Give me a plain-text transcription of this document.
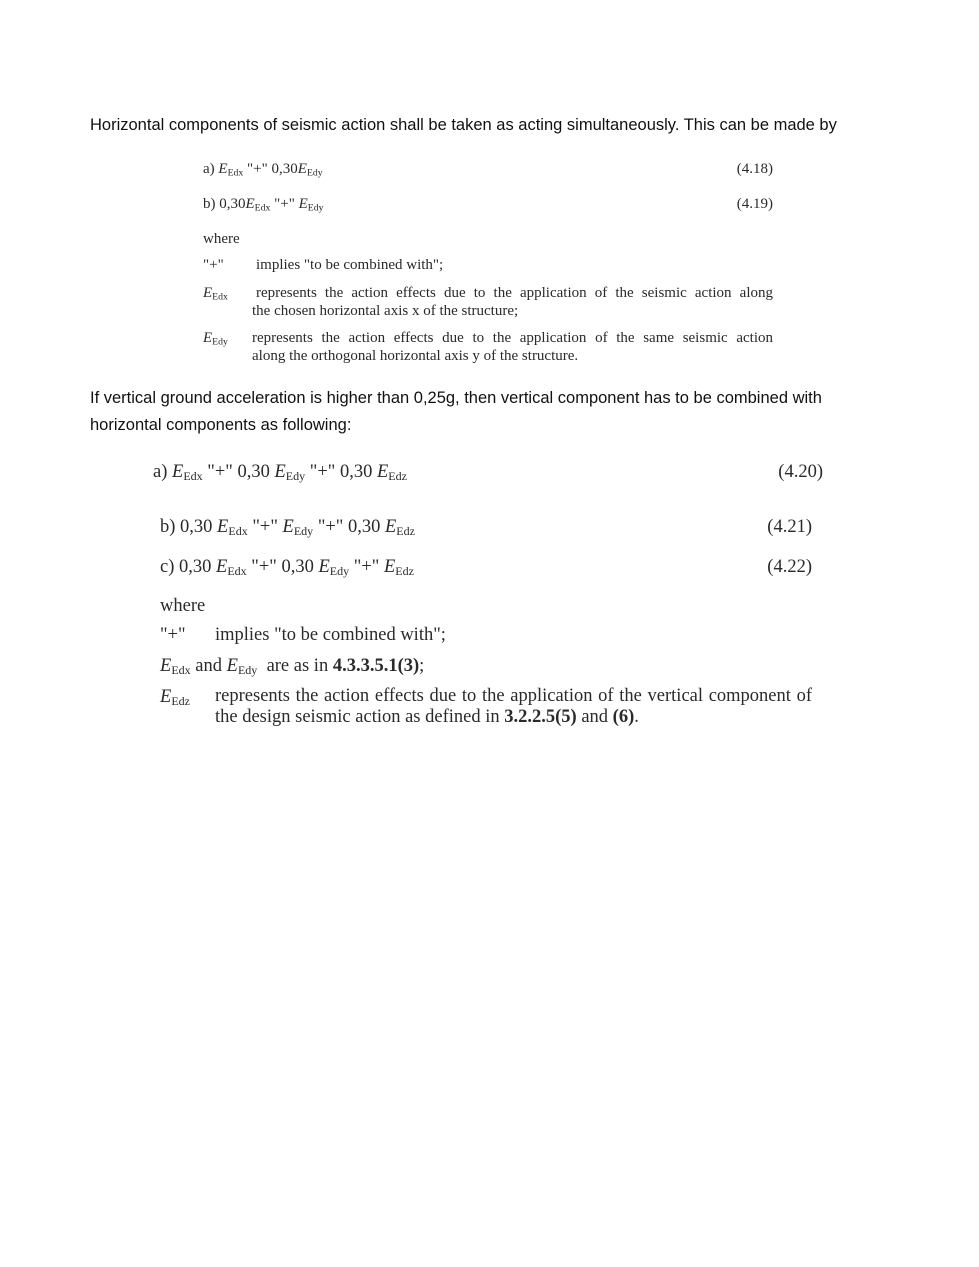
Horizontal components of seismic action shall be taken as acting simultaneously. This can be made by

a) $E_{Edx}$ "+" $0,30E_{Edy}$	(4.18)
b) $0,30E_{Edx}$ "+" $E_{Edy}$	(4.19)
where
"+" implies "to be combined with";
$E_{Edx}$ represents the action effects due to the application of the seismic action along
the chosen horizontal axis x of the structure;
$E_{Edy}$ represents the action effects due to the application of the same seismic action
along the orthogonal horizontal axis y of the structure.

If vertical ground acceleration is higher than 0,25g, then vertical component has to be combined with horizontal components as following:

a) $E_{Edx}$ "+" 0,30 $E_{Edy}$ "+" 0,30 $E_{Edz}$	(4.20)
b) 0,30 $E_{Edx}$ "+" $E_{Edy}$ "+" 0,30 $E_{Edz}$	(4.21)
c) 0,30 $E_{Edx}$ "+" 0,30 $E_{Edy}$ "+" $E_{Edz}$	(4.22)
where
"+" implies "to be combined with";
$E_{Edx}$ and $E_{Edy}$ are as in 4.3.3.5.1(3);
$E_{Edz}$ represents the action effects due to the application of the vertical component of
the design seismic action as defined in 3.2.2.5(5) and (6).
